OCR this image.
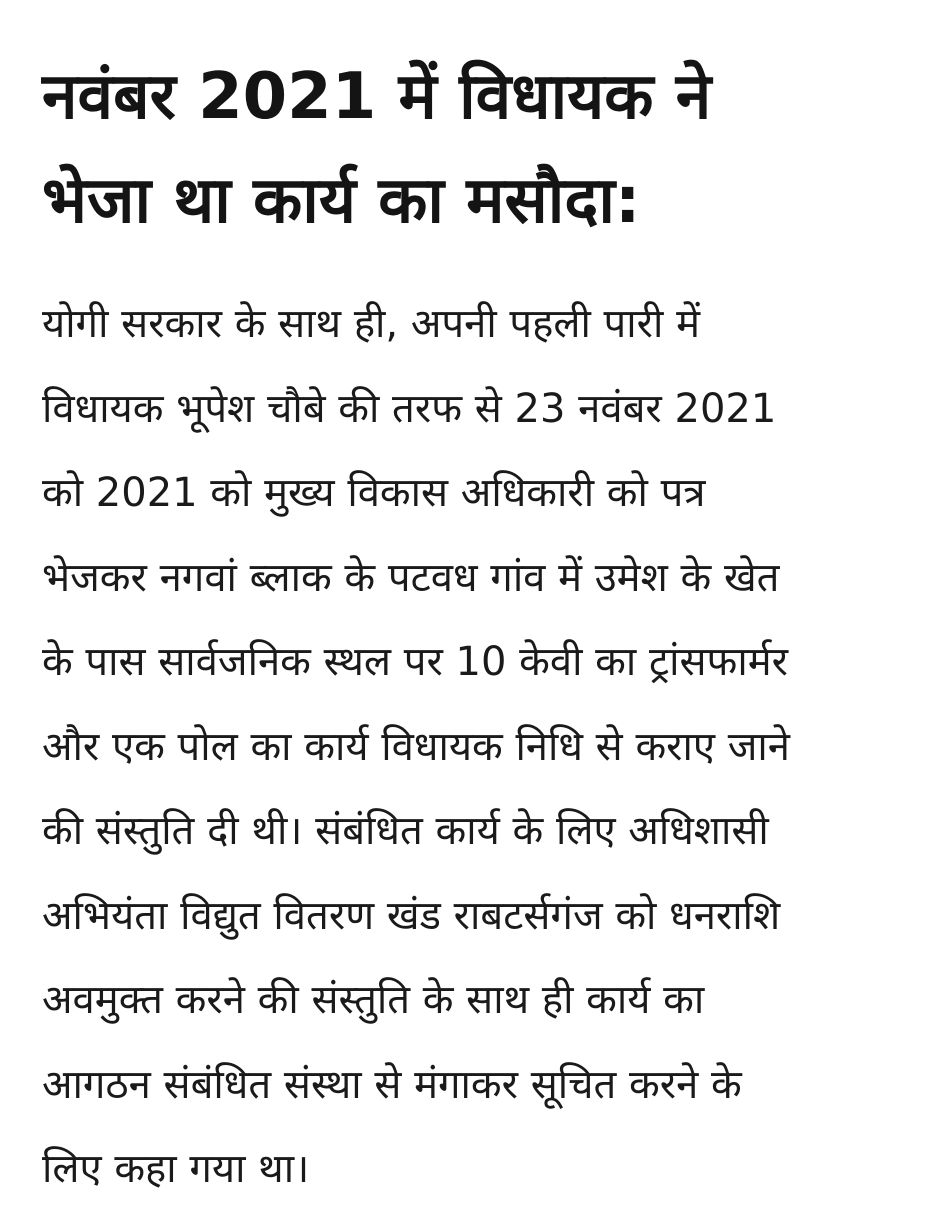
नवंबर 2021 में विधायक ने
भेजा था कार्य का मसौदा:

योगी सरकार के साथ ही, अपनी पहली पारी में
विधायक भूपेश चौबे की तरफ से 23 नवंबर 2021
को 2021 को मुख्य विकास अधिकारी को पत्र
भेजकर नगवां ब्लाक के पटवध गांव में उमेश के खेत
के पास सार्वजनिक स्थल पर 10 केवी का ट्रांसफार्मर
और एक पोल का कार्य विधायक निधि से कराए जाने
की संस्तुति दी थी। संबंधित कार्य के लिए अधिशासी
अभियंता विद्युत वितरण खंड राबटर्सगंज को धनराशि
अवमुक्त करने की संस्तुति के साथ ही कार्य का
आगठन संबंधित संस्था से मंगाकर सूचित करने के
लिए कहा गया था।
